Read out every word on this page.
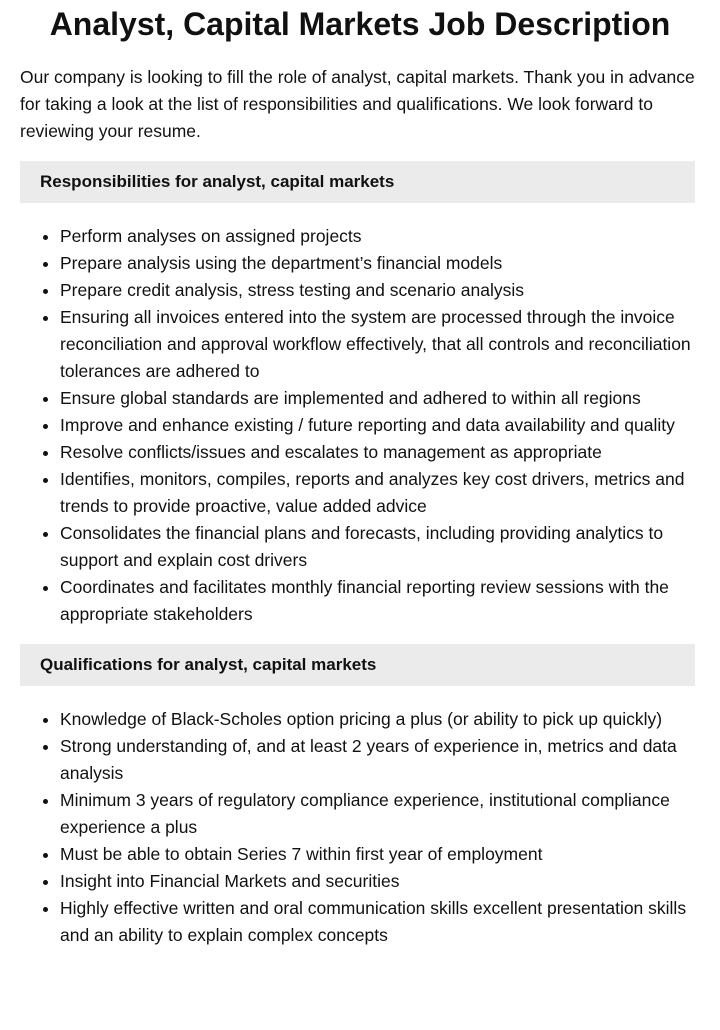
Analyst, Capital Markets Job Description

Our company is looking to fill the role of analyst, capital markets. Thank you in advance for taking a look at the list of responsibilities and qualifications. We look forward to reviewing your resume.

Responsibilities for analyst, capital markets
• Perform analyses on assigned projects
• Prepare analysis using the department’s financial models
• Prepare credit analysis, stress testing and scenario analysis
• Ensuring all invoices entered into the system are processed through the invoice reconciliation and approval workflow effectively, that all controls and reconciliation tolerances are adhered to
• Ensure global standards are implemented and adhered to within all regions
• Improve and enhance existing / future reporting and data availability and quality
• Resolve conflicts/issues and escalates to management as appropriate
• Identifies, monitors, compiles, reports and analyzes key cost drivers, metrics and trends to provide proactive, value added advice
• Consolidates the financial plans and forecasts, including providing analytics to support and explain cost drivers
• Coordinates and facilitates monthly financial reporting review sessions with the appropriate stakeholders
Qualifications for analyst, capital markets
• Knowledge of Black-Scholes option pricing a plus (or ability to pick up quickly)
• Strong understanding of, and at least 2 years of experience in, metrics and data analysis
• Minimum 3 years of regulatory compliance experience, institutional compliance experience a plus
• Must be able to obtain Series 7 within first year of employment
• Insight into Financial Markets and securities
• Highly effective written and oral communication skills excellent presentation skills and an ability to explain complex concepts
